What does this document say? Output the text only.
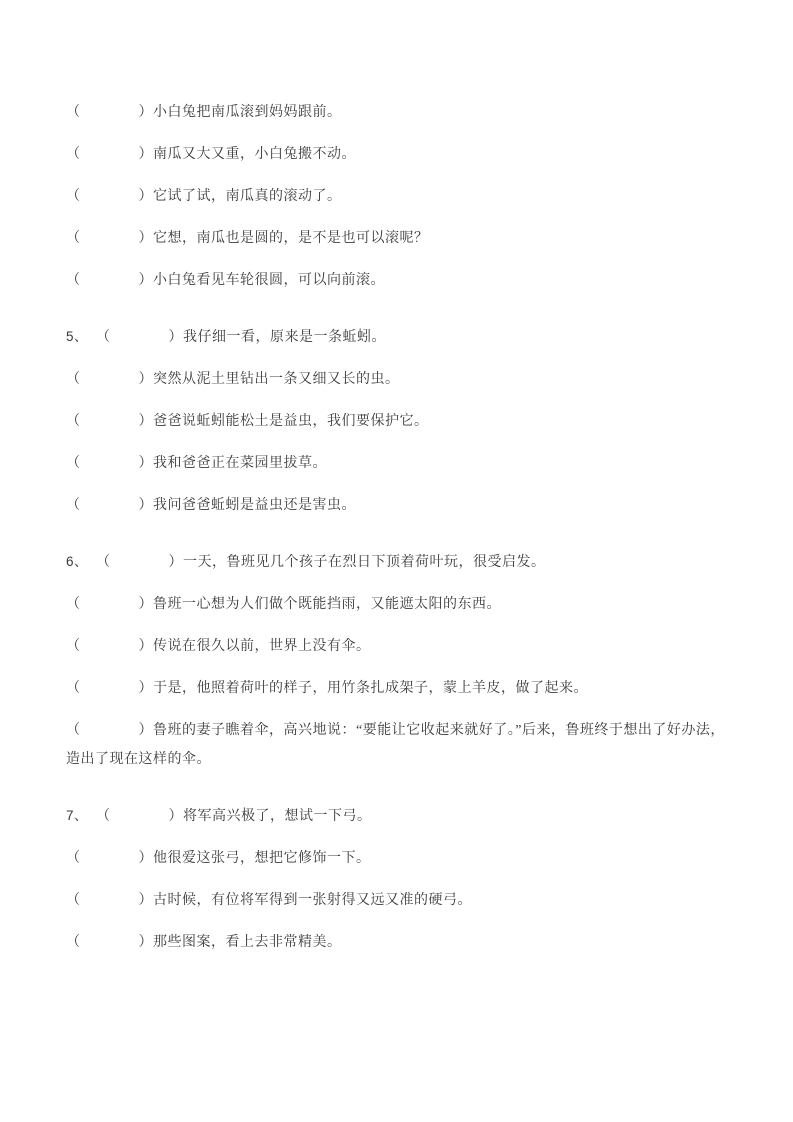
（	）小白兔把南瓜滚到妈妈跟前。

（	）南瓜又大又重，小白兔搬不动。

（	）它试了试，南瓜真的滚动了。

（	）它想，南瓜也是圆的，是不是也可以滚呢？

（	）小白兔看见车轮很圆，可以向前滚。

5、 （	）我仔细一看，原来是一条蚯蚓。

（	）突然从泥土里钻出一条又细又长的虫。

（	）爸爸说蚯蚓能松土是益虫，我们要保护它。

（	）我和爸爸正在菜园里拔草。

（	）我问爸爸蚯蚓是益虫还是害虫。

6、 （	）一天，鲁班见几个孩子在烈日下顶着荷叶玩，很受启发。

（	）鲁班一心想为人们做个既能挡雨，又能遮太阳的东西。

（	）传说在很久以前，世界上没有伞。

（	）于是，他照着荷叶的样子，用竹条扎成架子，蒙上羊皮，做了起来。

（	）鲁班的妻子瞧着伞，高兴地说：“要能让它收起来就好了。”后来，鲁班终于想出了好办法，

造出了现在这样的伞。

7、 （	）将军高兴极了，想试一下弓。

（	）他很爱这张弓，想把它修饰一下。

（	）古时候，有位将军得到一张射得又远又准的硬弓。

（	）那些图案，看上去非常精美。
